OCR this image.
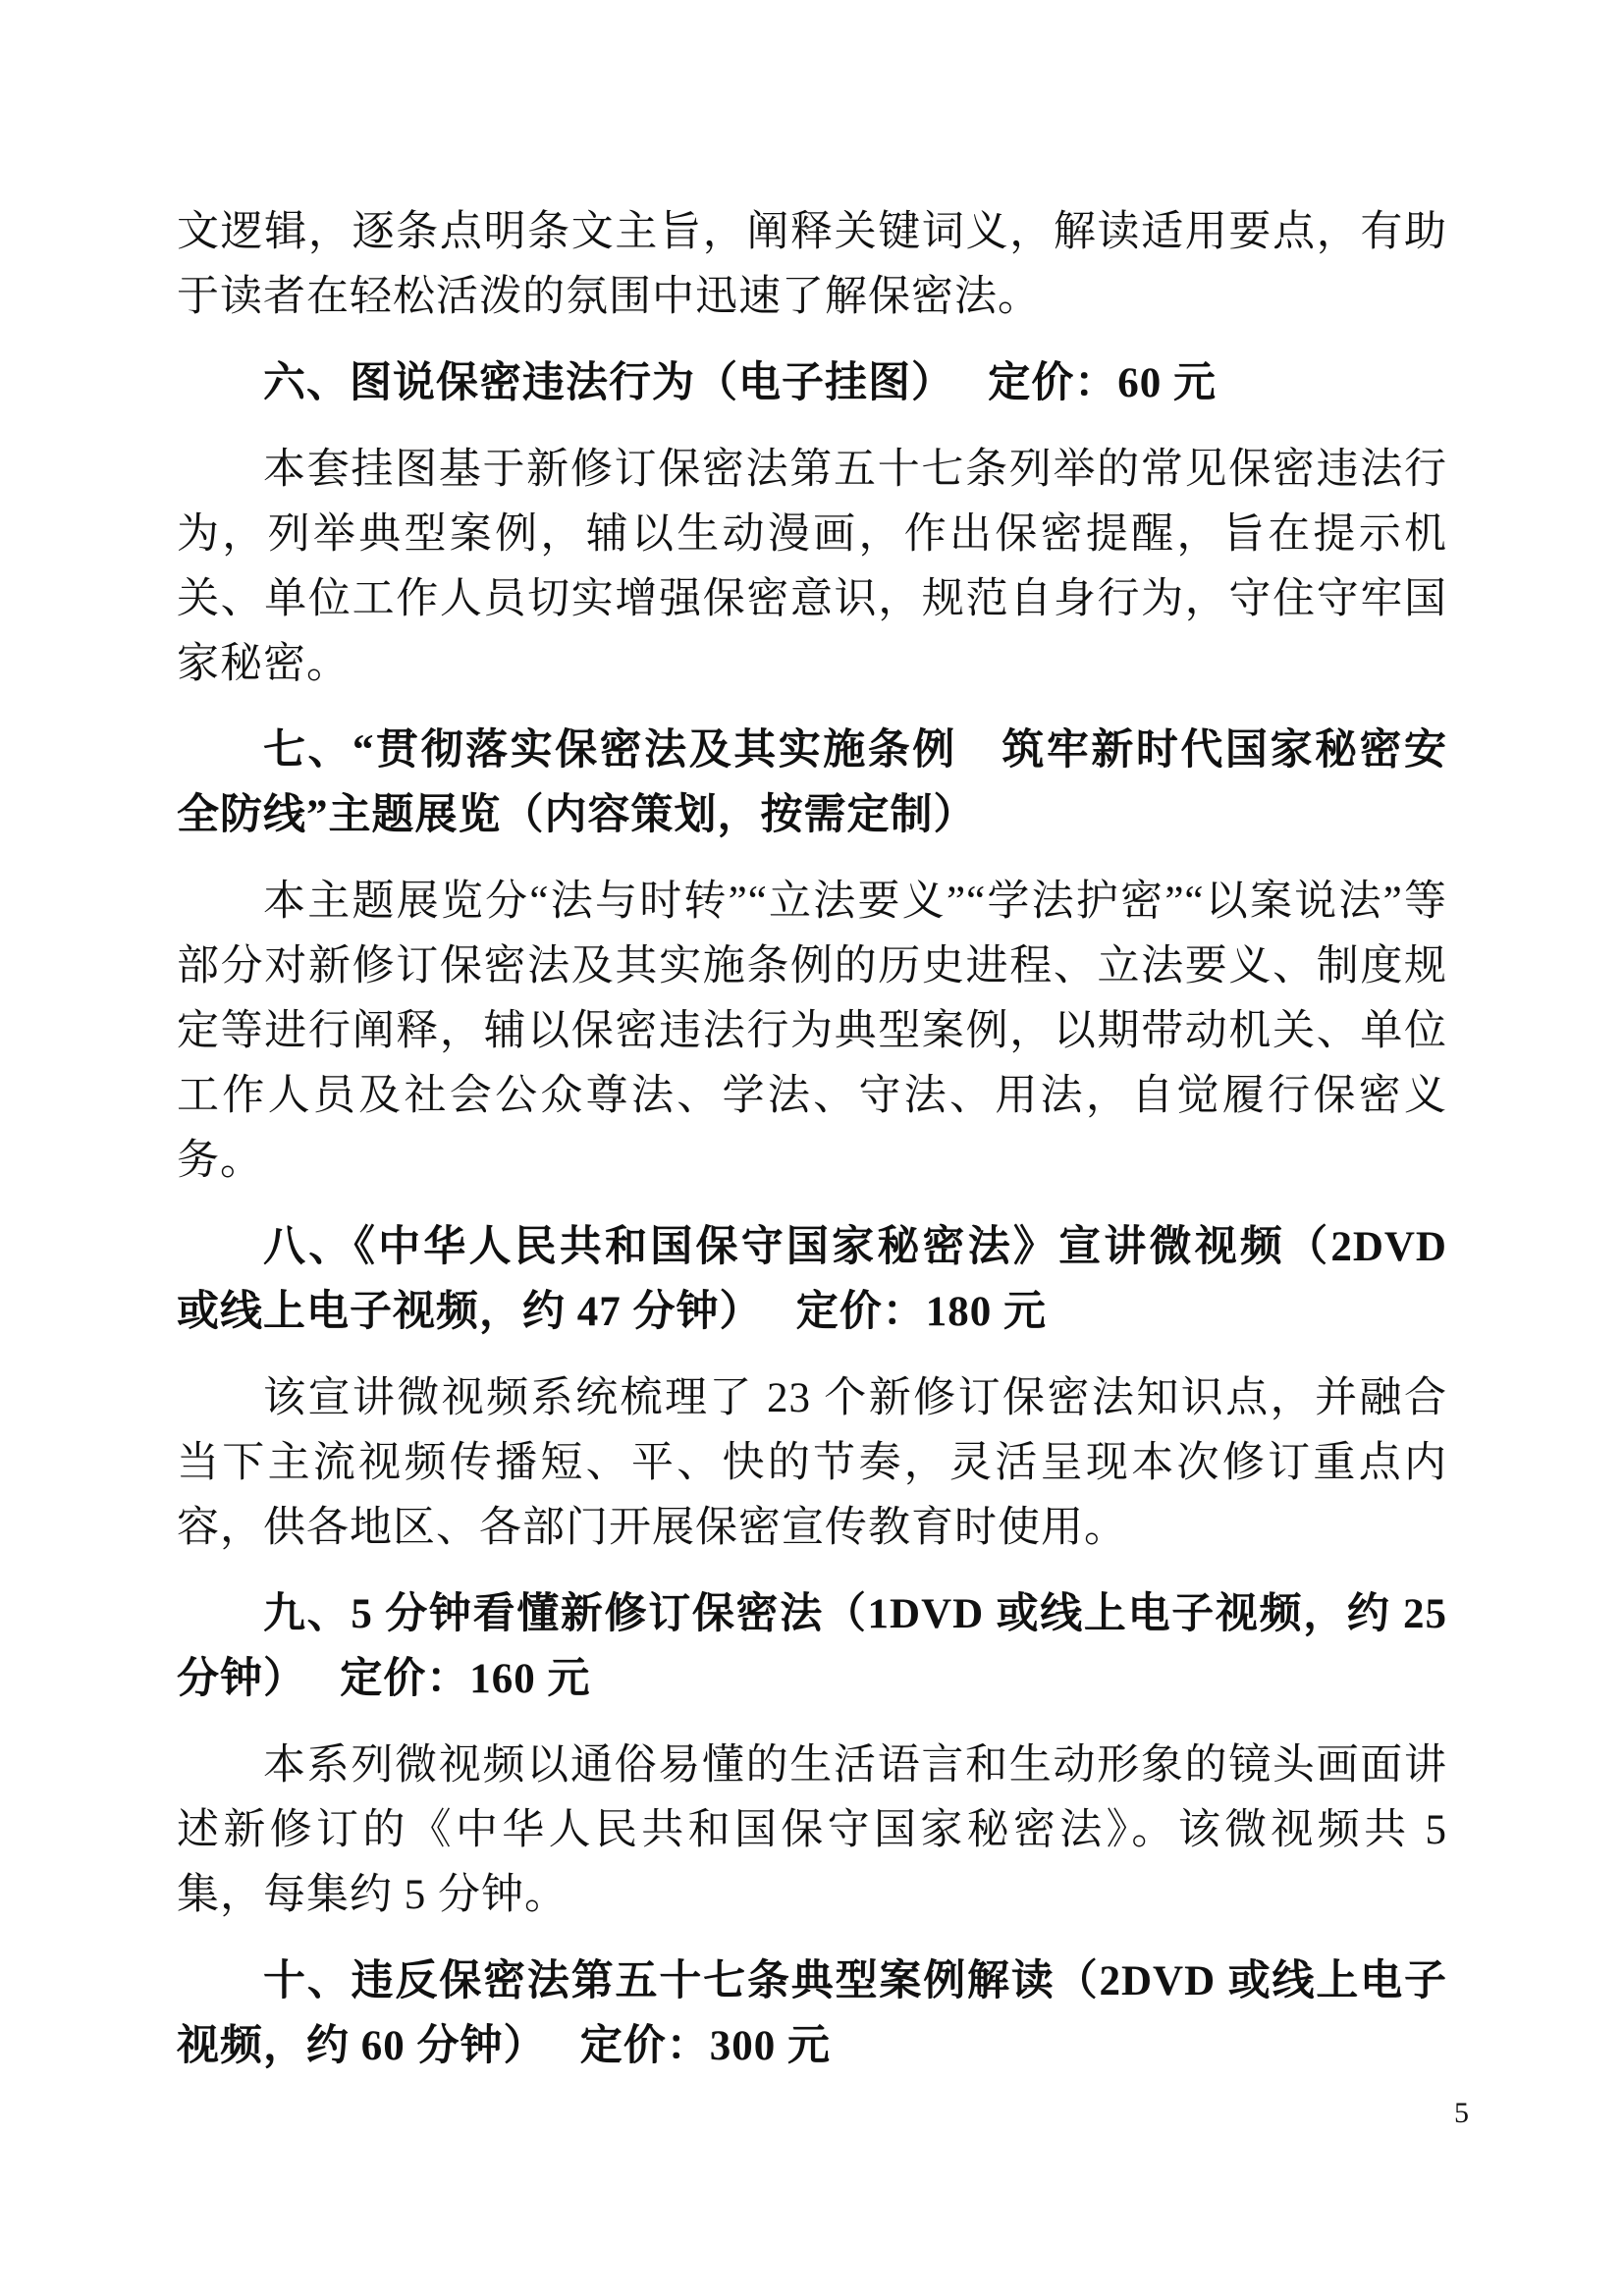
文逻辑，逐条点明条文主旨，阐释关键词义，解读适用要点，有助于读者在轻松活泼的氛围中迅速了解保密法。

六、图说保密违法行为（电子挂图）　 定价：60 元

本套挂图基于新修订保密法第五十七条列举的常见保密违法行为，列举典型案例，辅以生动漫画，作出保密提醒，旨在提示机关、单位工作人员切实增强保密意识，规范自身行为，守住守牢国家秘密。

七、“贯彻落实保密法及其实施条例　筑牢新时代国家秘密安全防线”主题展览（内容策划，按需定制）

本主题展览分“法与时转”“立法要义”“学法护密”“以案说法”等部分对新修订保密法及其实施条例的历史进程、立法要义、制度规定等进行阐释，辅以保密违法行为典型案例，以期带动机关、单位工作人员及社会公众尊法、学法、守法、用法，自觉履行保密义务。

八、《中华人民共和国保守国家秘密法》宣讲微视频（2DVD 或线上电子视频，约 47 分钟）　 定价：180 元

该宣讲微视频系统梳理了 23 个新修订保密法知识点，并融合当下主流视频传播短、平、快的节奏，灵活呈现本次修订重点内容，供各地区、各部门开展保密宣传教育时使用。

九、5 分钟看懂新修订保密法（1DVD 或线上电子视频，约 25 分钟）　 定价：160 元

本系列微视频以通俗易懂的生活语言和生动形象的镜头画面讲述新修订的《中华人民共和国保守国家秘密法》。该微视频共 5 集，每集约 5 分钟。

十、违反保密法第五十七条典型案例解读（2DVD 或线上电子视频，约 60 分钟）　 定价：300 元
5
